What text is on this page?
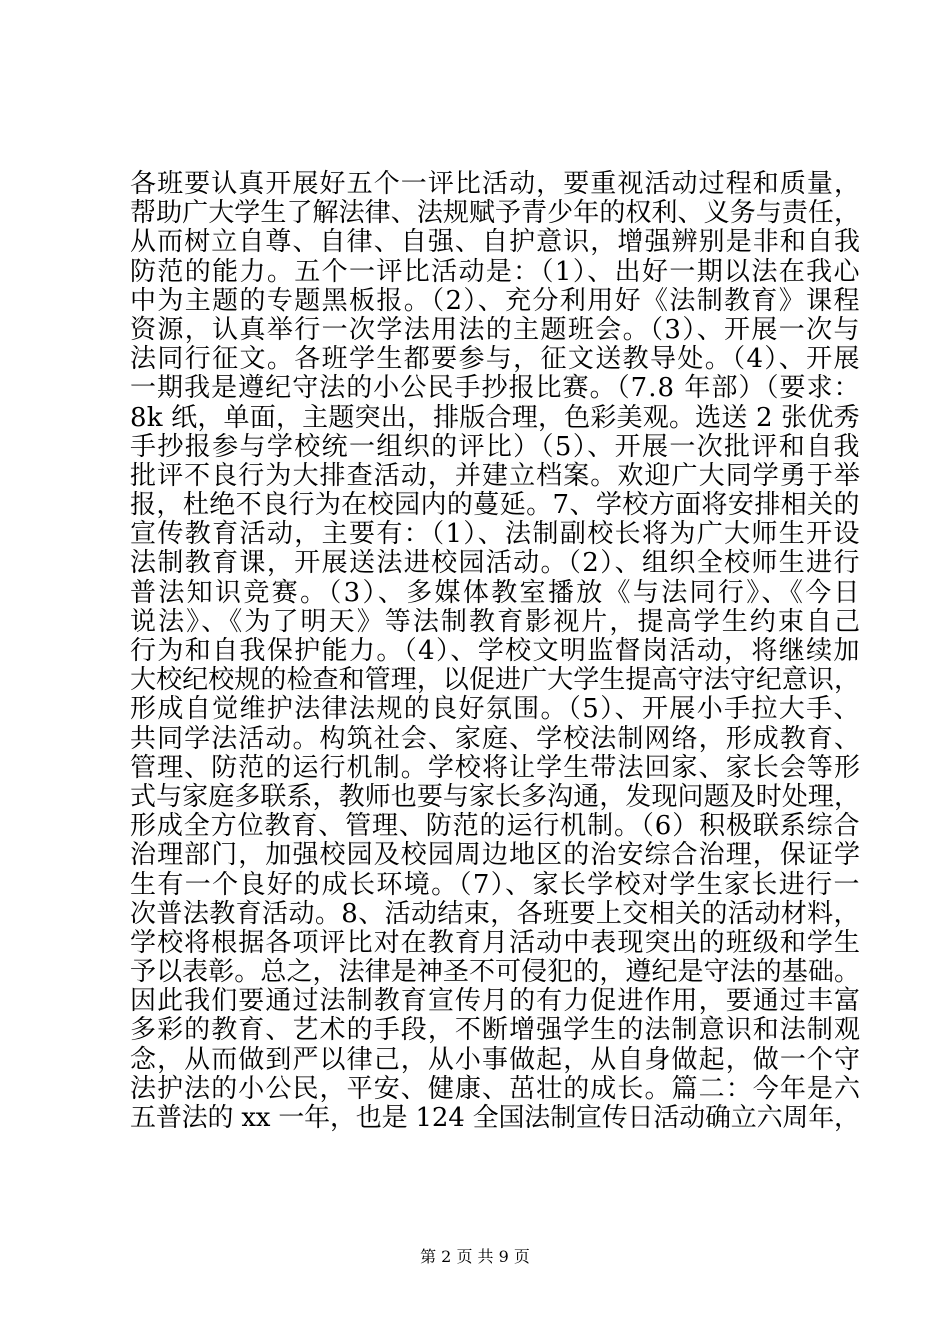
各班要认真开展好五个一评比活动，要重视活动过程和质量，
帮助广大学生了解法律、法规赋予青少年的权利、义务与责任，
从而树立自尊、自律、自强、自护意识，增强辨别是非和自我
防范的能力。五个一评比活动是：（1）、出好一期以法在我心
中为主题的专题黑板报。（2）、充分利用好《法制教育》课程
资源，认真举行一次学法用法的主题班会。（3）、开展一次与
法同行征文。各班学生都要参与，征文送教导处。（4）、开展
一期我是遵纪守法的小公民手抄报比赛。（7.8 年部）（要求：
8k 纸，单面，主题突出，排版合理，色彩美观。选送 2 张优秀
手抄报参与学校统一组织的评比）（5）、开展一次批评和自我
批评不良行为大排查活动，并建立档案。欢迎广大同学勇于举
报，杜绝不良行为在校园内的蔓延。7、学校方面将安排相关的
宣传教育活动，主要有：（1）、法制副校长将为广大师生开设
法制教育课，开展送法进校园活动。（2）、组织全校师生进行
普法知识竞赛。（3）、多媒体教室播放《与法同行》、《今日
说法》、《为了明天》等法制教育影视片，提高学生约束自己
行为和自我保护能力。（4）、学校文明监督岗活动，将继续加
大校纪校规的检查和管理，以促进广大学生提高守法守纪意识，
形成自觉维护法律法规的良好氛围。（5）、开展小手拉大手、
共同学法活动。构筑社会、家庭、学校法制网络，形成教育、
管理、防范的运行机制。学校将让学生带法回家、家长会等形
式与家庭多联系，教师也要与家长多沟通，发现问题及时处理，
形成全方位教育、管理、防范的运行机制。（6）积极联系综合
治理部门，加强校园及校园周边地区的治安综合治理，保证学
生有一个良好的成长环境。（7）、家长学校对学生家长进行一
次普法教育活动。8、活动结束，各班要上交相关的活动材料，
学校将根据各项评比对在教育月活动中表现突出的班级和学生
予以表彰。总之，法律是神圣不可侵犯的，遵纪是守法的基础。
因此我们要通过法制教育宣传月的有力促进作用，要通过丰富
多彩的教育、艺术的手段，不断增强学生的法制意识和法制观
念，从而做到严以律己，从小事做起，从自身做起，做一个守
法护法的小公民，平安、健康、茁壮的成长。篇二：今年是六
五普法的 xx 一年，也是 124 全国法制宣传日活动确立六周年，
第 2 页 共 9 页
